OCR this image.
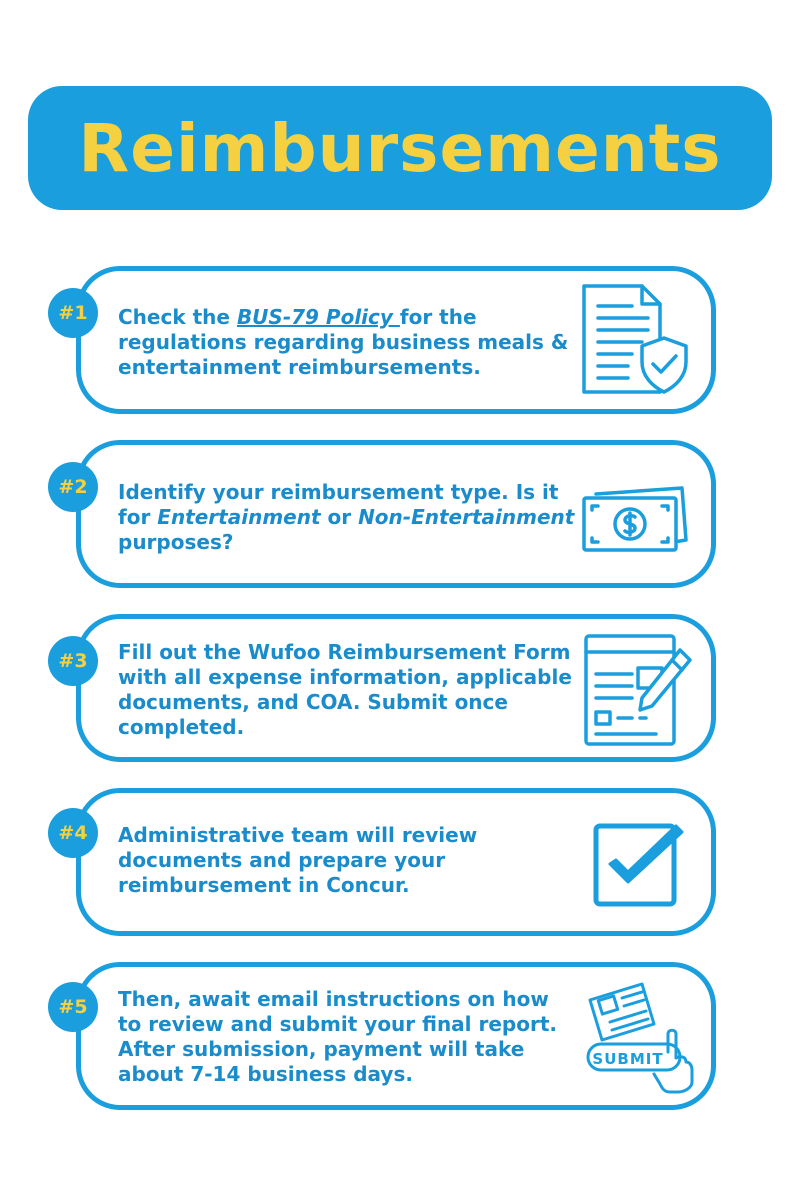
Reimbursements
#1	Check the BUS-79 Policy for the regulations regarding business meals & entertainment reimbursements.
#2	Identify your reimbursement type. Is it for Entertainment or Non-Entertainment purposes?
#3	Fill out the Wufoo Reimbursement Form with all expense information, applicable documents, and COA. Submit once completed.
#4	Administrative team will review documents and prepare your reimbursement in Concur.
#5	Then, await email instructions on how to review and submit your final report. After submission, payment will take about 7-14 business days.
SUBMIT
